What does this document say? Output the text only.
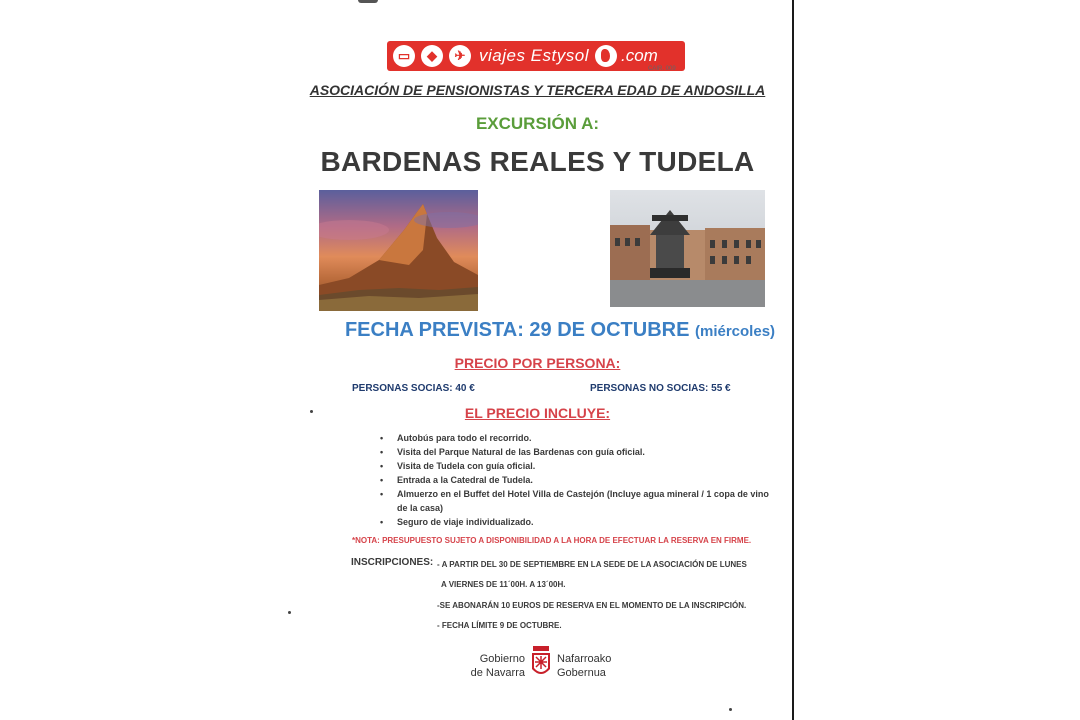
▭	◆	✈ viajes Estysol .com
CAIR. 009
ASOCIACIÓN DE PENSIONISTAS Y TERCERA EDAD DE ANDOSILLA
EXCURSIÓN A:
BARDENAS REALES Y TUDELA
FECHA PREVISTA: 29 DE OCTUBRE (miércoles)
PRECIO POR PERSONA:
PERSONAS SOCIAS: 40 €	PERSONAS NO SOCIAS: 55 €
EL PRECIO INCLUYE:
• Autobús para todo el recorrido.
• Visita del Parque Natural de las Bardenas con guía oficial.
• Visita de Tudela con guía oficial.
• Entrada a la Catedral de Tudela.
• Almuerzo en el Buffet del Hotel Villa de Castejón (Incluye agua mineral / 1 copa de vino de la casa)
• Seguro de viaje individualizado.
*NOTA: PRESUPUESTO SUJETO A DISPONIBILIDAD A LA HORA DE EFECTUAR LA RESERVA EN FIRME.
INSCRIPCIONES: - A PARTIR DEL 30 DE SEPTIEMBRE EN LA SEDE DE LA ASOCIACIÓN DE LUNES
A VIERNES DE 11´00H. A 13´00H.
-SE ABONARÁN 10 EUROS DE RESERVA EN EL MOMENTO DE LA INSCRIPCIÓN.
- FECHA LÍMITE 9 DE OCTUBRE.
Gobierno
de Navarra
Nafarroako
Gobernua
